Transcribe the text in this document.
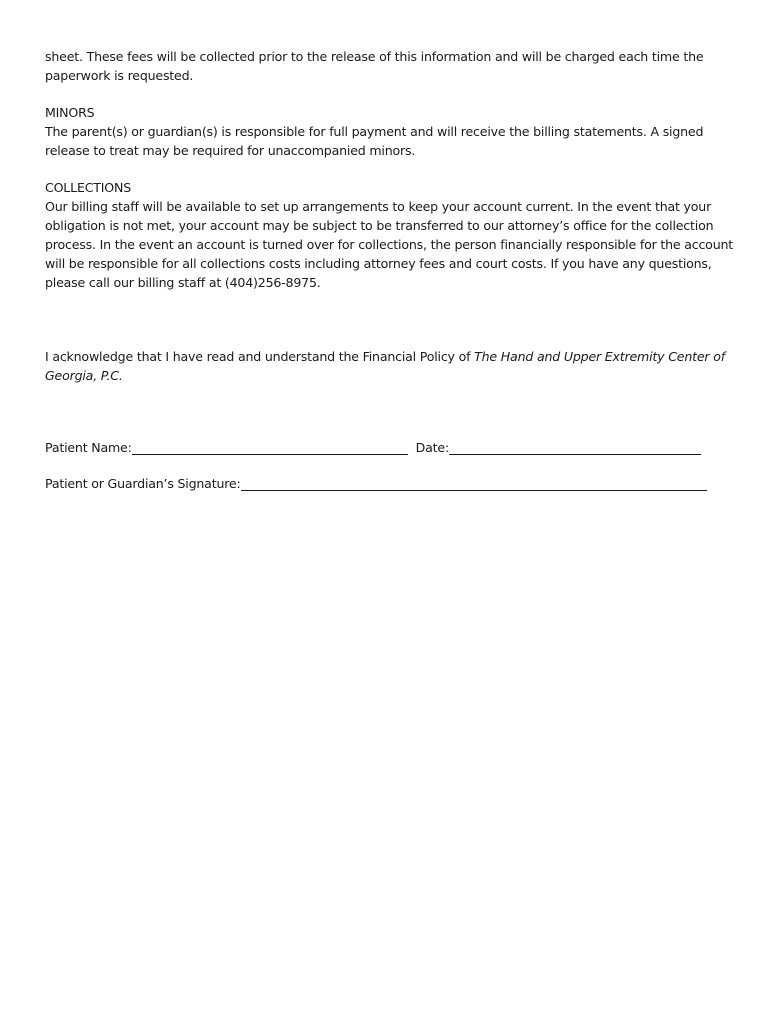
sheet. These fees will be collected prior to the release of this information and will be charged each time the paperwork is requested.

MINORS

The parent(s) or guardian(s) is responsible for full payment and will receive the billing statements. A signed release to treat may be required for unaccompanied minors.

COLLECTIONS

Our billing staff will be available to set up arrangements to keep your account current. In the event that your obligation is not met, your account may be subject to be transferred to our attorney’s office for the collection process. In the event an account is turned over for collections, the person financially responsible for the account will be responsible for all collections costs including attorney fees and court costs. If you have any questions, please call our billing staff at (404)256-8975.

I acknowledge that I have read and understand the Financial Policy of The Hand and Upper Extremity Center of Georgia, P.C.

Patient Name:	Date:
Patient or Guardian’s Signature:
